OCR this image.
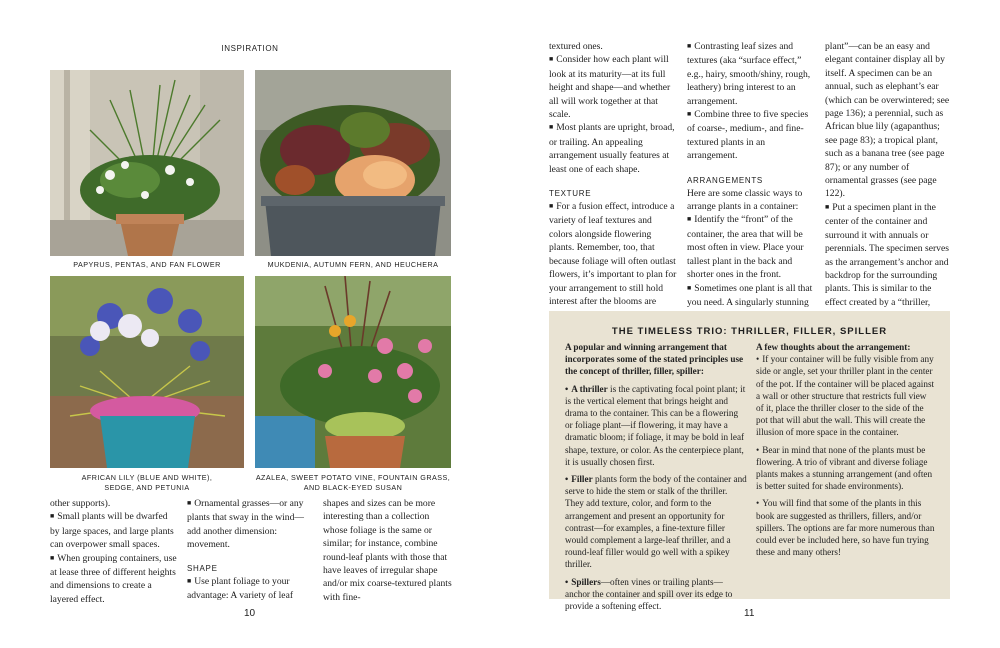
INSPIRATION
PAPYRUS, PENTAS, AND FAN FLOWER	MUKDENIA, AUTUMN FERN, AND HEUCHERA
AFRICAN LILY (BLUE AND WHITE),
SEDGE, AND PETUNIA
AZALEA, SWEET POTATO VINE, FOUNTAIN GRASS,
AND BLACK-EYED SUSAN

other supports).

■ Small plants will be dwarfed by large spaces, and large plants can overpower small spaces.

■ When grouping containers, use at lease three of different heights and dimensions to create a layered effect.

■ Ornamental grasses—or any plants that sway in the wind—add another dimension: movement.

SHAPE

■ Use plant foliage to your advantage: A variety of leaf

shapes and sizes can be more interesting than a collection whose foliage is the same or similar; for instance, combine round-leaf plants with those that have leaves of irregular shape and/or mix coarse-textured plants with fine-

10

textured ones.

■ Consider how each plant will look at its maturity—at its full height and shape—and whether all will work together at that scale.

■ Most plants are upright, broad, or trailing. An appealing arrangement usually features at least one of each shape.

TEXTURE

■ For a fusion effect, introduce a variety of leaf textures and colors alongside flowering plants. Remember, too, that because foliage will often outlast flowers, it’s important to plan for your arrangement to still hold interest after the blooms are

■ Contrasting leaf sizes and textures (aka “surface effect,” e.g., hairy, smooth/shiny, rough, leathery) bring interest to an arrangement.

■ Combine three to five species of coarse-, medium-, and fine-textured plants in an arrangement.

ARRANGEMENTS

Here are some classic ways to arrange plants in a container:

■ Identify the “front” of the container, the area that will be most often in view. Place your tallest plant in the back and shorter ones in the front.

■ Sometimes one plant is all that you need. A singularly stunning

plant”—can be an easy and elegant container display all by itself. A specimen can be an annual, such as elephant’s ear (which can be overwintered; see page 136); a perennial, such as African blue lily (agapanthus; see page 83); a tropical plant, such as a banana tree (see page 87); or any number of ornamental grasses (see page 122).

■ Put a specimen plant in the center of the container and surround it with annuals or perennials. The specimen serves as the arrangement’s anchor and backdrop for the surrounding plants. This is similar to the effect created by a “thriller,

THE TIMELESS TRIO: THRILLER, FILLER, SPILLER

A popular and winning arrangement that incorporates some of the stated principles use the concept of thriller, filler, spiller:

• A thriller is the captivating focal point plant; it is the vertical element that brings height and drama to the container. This can be a flowering or foliage plant—if flowering, it may have a dramatic bloom; if foliage, it may be bold in leaf shape, texture, or color. As the centerpiece plant, it is usually chosen first.

• Filler plants form the body of the container and serve to hide the stem or stalk of the thriller. They add texture, color, and form to the arrangement and present an opportunity for contrast—for examples, a fine-texture filler would complement a large-leaf thriller, and a round-leaf filler would go well with a spikey thriller.

• Spillers—often vines or trailing plants—anchor the container and spill over its edge to provide a softening effect.

A few thoughts about the arrangement:

• If your container will be fully visible from any side or angle, set your thriller plant in the center of the pot. If the container will be placed against a wall or other structure that restricts full view of it, place the thriller closer to the side of the pot that will abut the wall. This will create the illusion of more space in the container.

• Bear in mind that none of the plants must be flowering. A trio of vibrant and diverse foliage plants makes a stunning arrangement (and often is better suited for shade environments).

• You will find that some of the plants in this book are suggested as thrillers, fillers, and/or spillers. The options are far more numerous than could ever be included here, so have fun trying these and many others!

11
